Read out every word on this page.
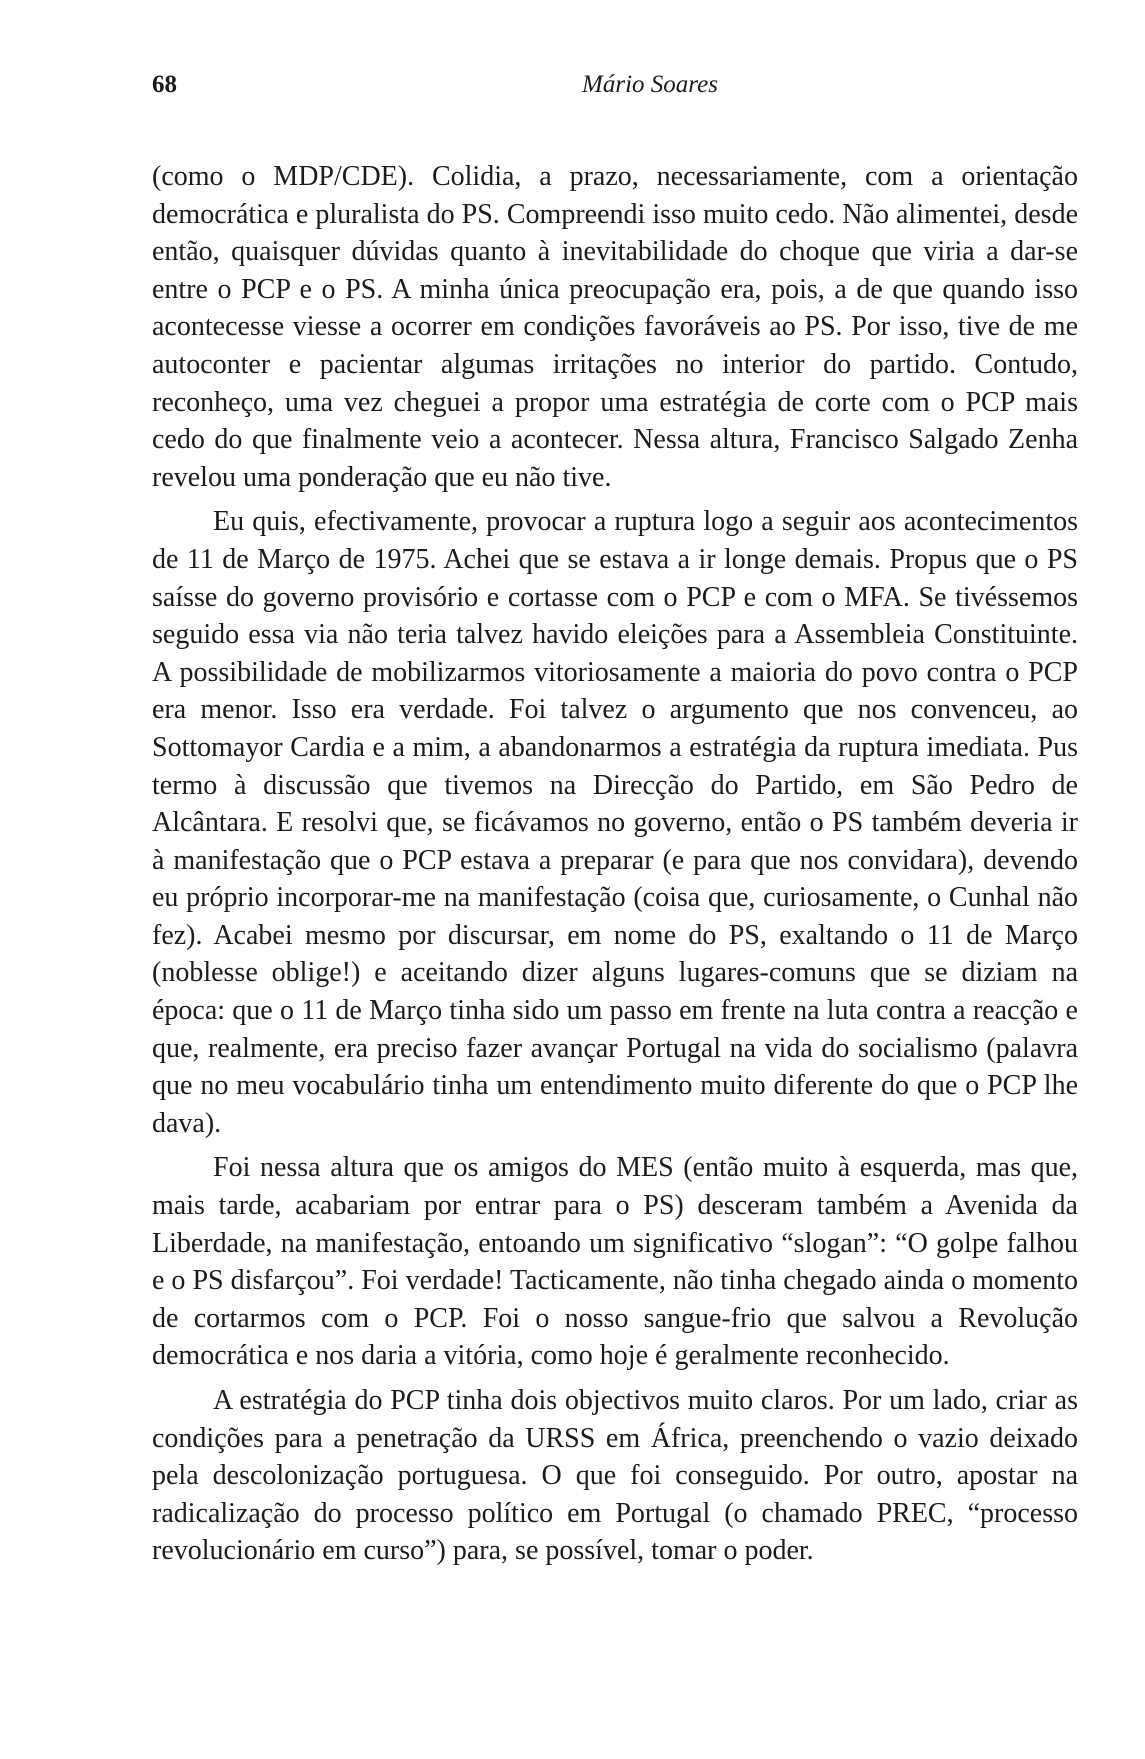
68	Mário Soares

(como o MDP/CDE). Colidia, a prazo, necessariamente, com a orientação democrática e pluralista do PS. Compreendi isso muito cedo. Não alimentei, desde então, quaisquer dúvidas quanto à inevitabilidade do choque que viria a dar-se entre o PCP e o PS. A minha única preocupação era, pois, a de que quando isso acontecesse viesse a ocorrer em condições favoráveis ao PS. Por isso, tive de me autoconter e pacientar algumas irritações no interior do partido. Contudo, reconheço, uma vez cheguei a propor uma estratégia de corte com o PCP mais cedo do que finalmente veio a acontecer. Nessa altura, Francisco Salgado Zenha revelou uma ponderação que eu não tive.

Eu quis, efectivamente, provocar a ruptura logo a seguir aos acontecimentos de 11 de Março de 1975. Achei que se estava a ir longe demais. Propus que o PS saísse do governo provisório e cortasse com o PCP e com o MFA. Se tivéssemos seguido essa via não teria talvez havido eleições para a Assembleia Constituinte. A possibilidade de mobilizarmos vitoriosamente a maioria do povo contra o PCP era menor. Isso era verdade. Foi talvez o argumento que nos convenceu, ao Sottomayor Cardia e a mim, a abandonarmos a estratégia da ruptura imediata. Pus termo à discussão que tivemos na Direcção do Partido, em São Pedro de Alcântara. E resolvi que, se ficávamos no governo, então o PS também deveria ir à manifestação que o PCP estava a preparar (e para que nos convidara), devendo eu próprio incorporar-me na manifestação (coisa que, curiosamente, o Cunhal não fez). Acabei mesmo por discursar, em nome do PS, exaltando o 11 de Março (noblesse oblige!) e aceitando dizer alguns lugares-comuns que se diziam na época: que o 11 de Março tinha sido um passo em frente na luta contra a reacção e que, realmente, era preciso fazer avançar Portugal na vida do socialismo (palavra que no meu vocabulário tinha um entendimento muito diferente do que o PCP lhe dava).

Foi nessa altura que os amigos do MES (então muito à esquerda, mas que, mais tarde, acabariam por entrar para o PS) desceram também a Avenida da Liberdade, na manifestação, entoando um significativo “slogan”: “O golpe falhou e o PS disfarçou”. Foi verdade! Tacticamente, não tinha chegado ainda o momento de cortarmos com o PCP. Foi o nosso sangue-frio que salvou a Revolução democrática e nos daria a vitória, como hoje é geralmente reconhecido.

A estratégia do PCP tinha dois objectivos muito claros. Por um lado, criar as condições para a penetração da URSS em África, preenchendo o vazio deixado pela descolonização portuguesa. O que foi conseguido. Por outro, apostar na radicalização do processo político em Portugal (o chamado PREC, “processo revolucionário em curso”) para, se possível, tomar o poder.
